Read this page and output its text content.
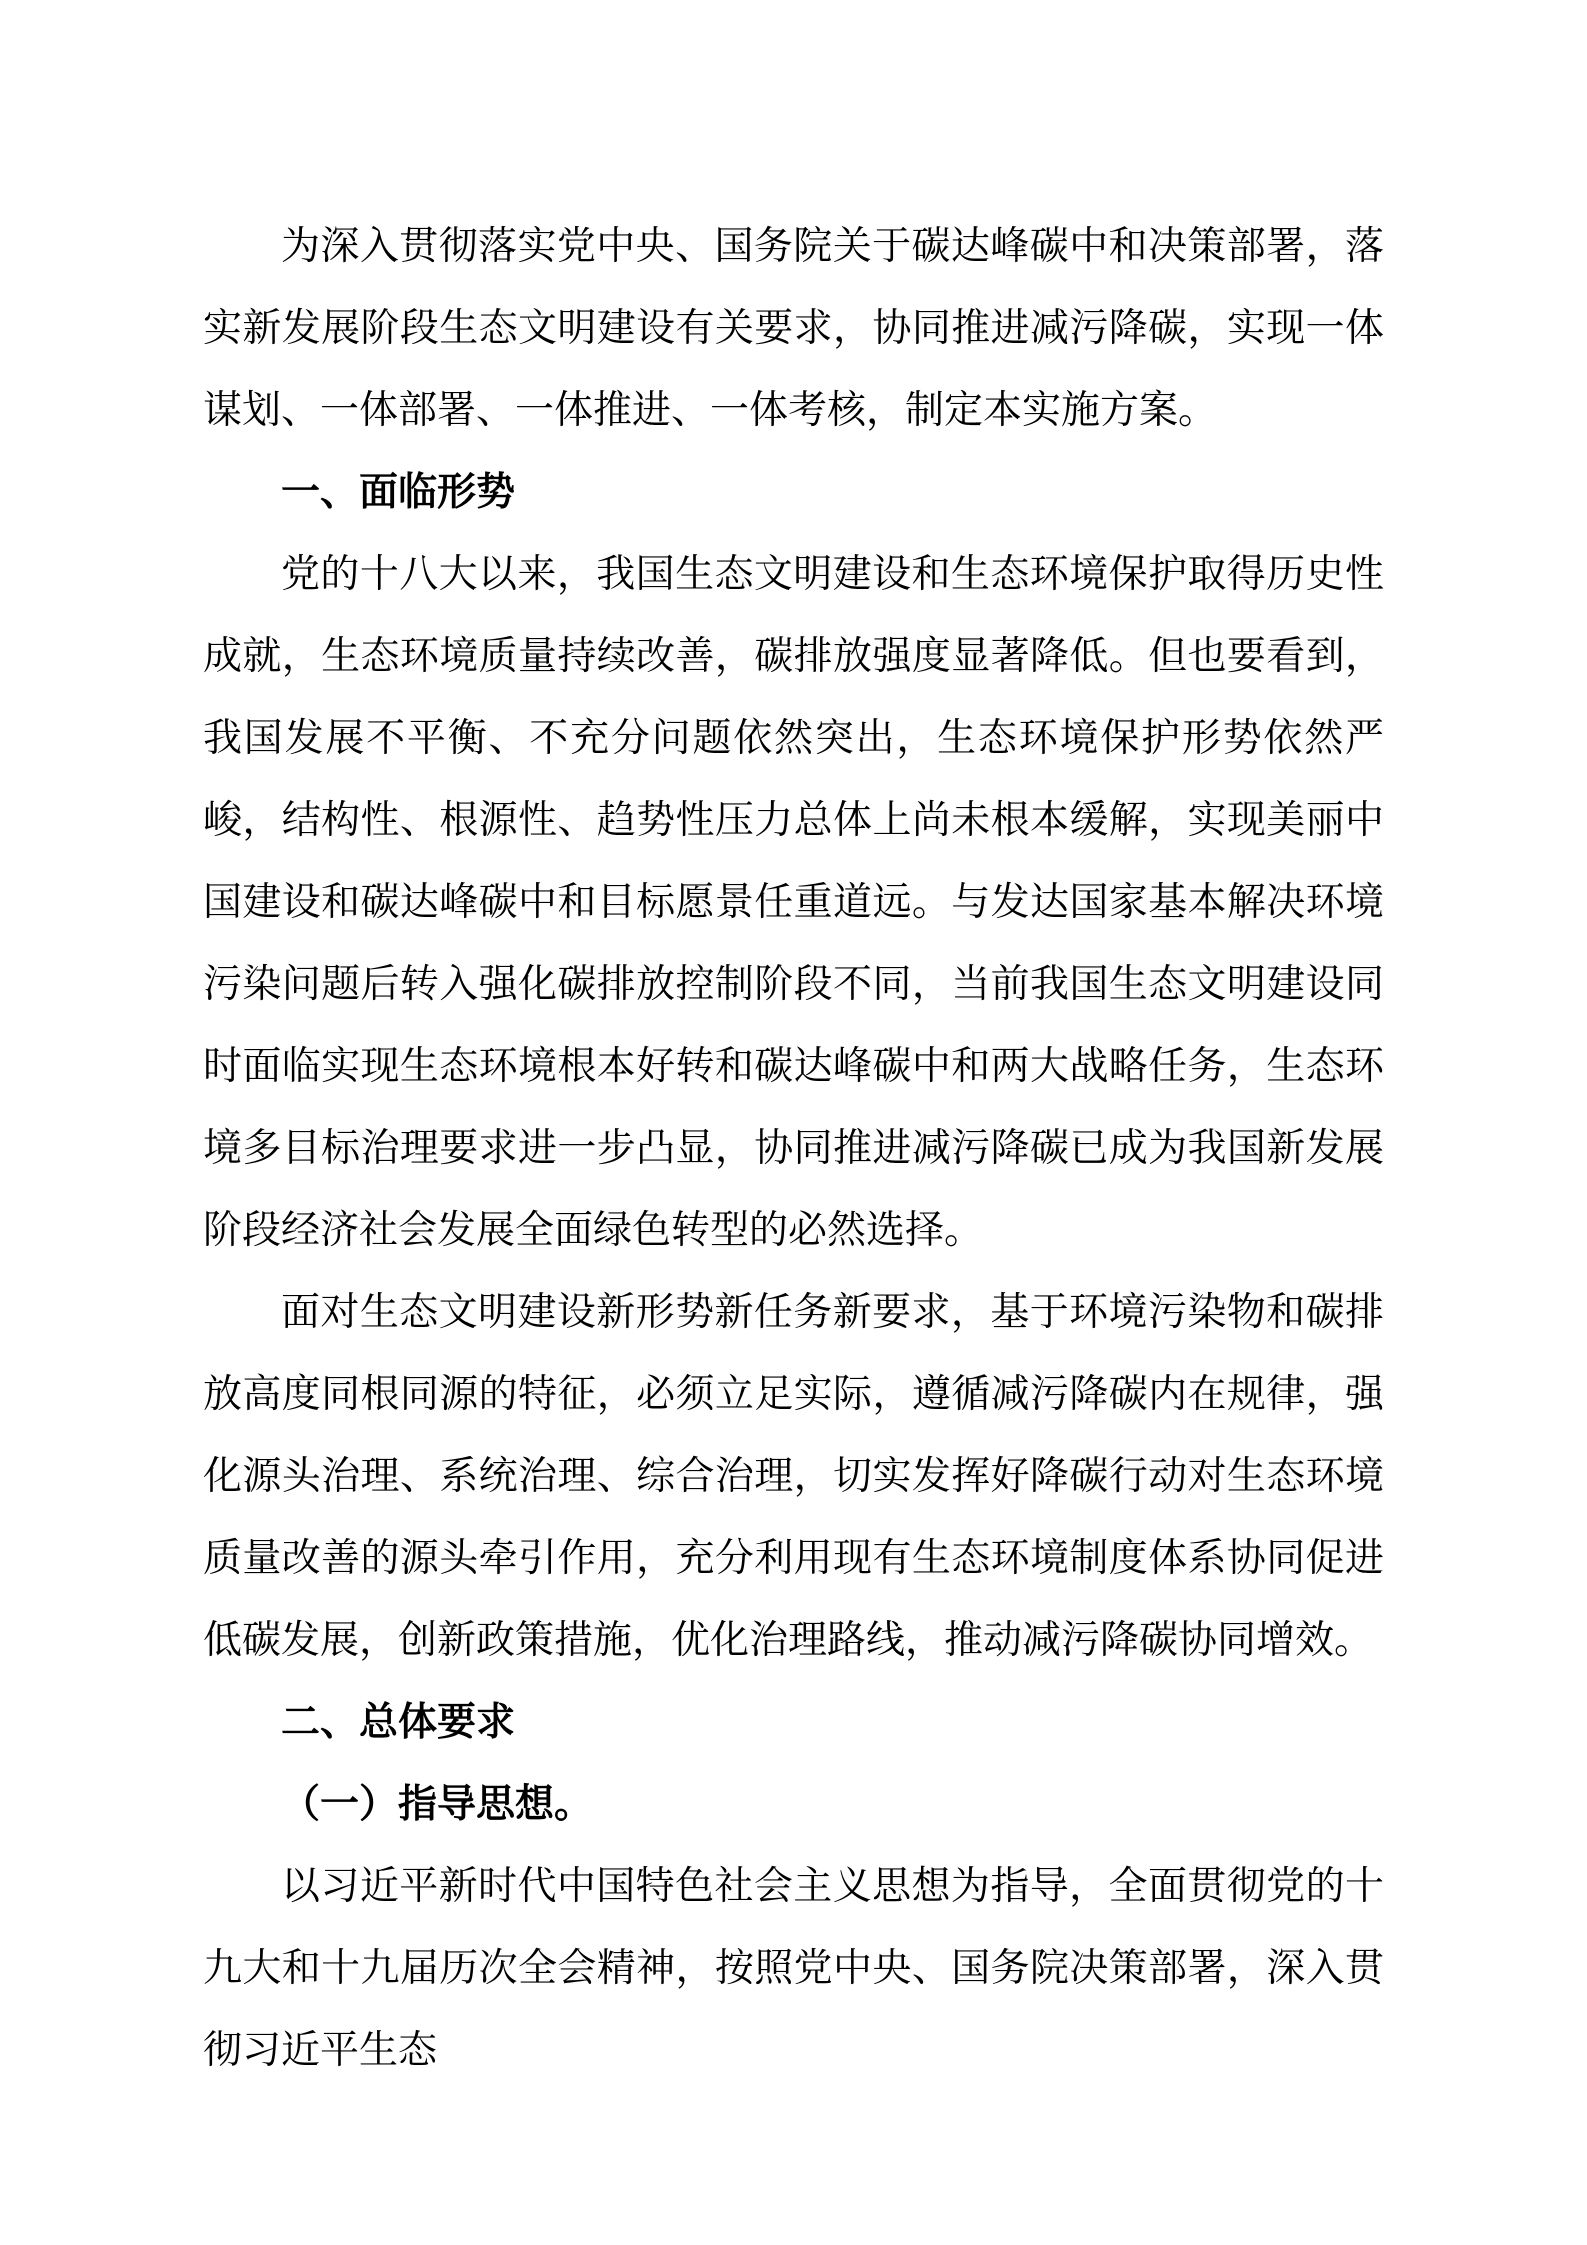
为深入贯彻落实党中央、国务院关于碳达峰碳中和决策部署，落实新发展阶段生态文明建设有关要求，协同推进减污降碳，实现一体谋划、一体部署、一体推进、一体考核，制定本实施方案。

一、面临形势

党的十八大以来，我国生态文明建设和生态环境保护取得历史性成就，生态环境质量持续改善，碳排放强度显著降低。但也要看到，我国发展不平衡、不充分问题依然突出，生态环境保护形势依然严峻，结构性、根源性、趋势性压力总体上尚未根本缓解，实现美丽中国建设和碳达峰碳中和目标愿景任重道远。与发达国家基本解决环境污染问题后转入强化碳排放控制阶段不同，当前我国生态文明建设同时面临实现生态环境根本好转和碳达峰碳中和两大战略任务，生态环境多目标治理要求进一步凸显，协同推进减污降碳已成为我国新发展阶段经济社会发展全面绿色转型的必然选择。

面对生态文明建设新形势新任务新要求，基于环境污染物和碳排放高度同根同源的特征，必须立足实际，遵循减污降碳内在规律，强化源头治理、系统治理、综合治理，切实发挥好降碳行动对生态环境质量改善的源头牵引作用，充分利用现有生态环境制度体系协同促进低碳发展，创新政策措施，优化治理路线，推动减污降碳协同增效。

二、总体要求

（一）指导思想。

以习近平新时代中国特色社会主义思想为指导，全面贯彻党的十九大和十九届历次全会精神，按照党中央、国务院决策部署，深入贯彻习近平生态
